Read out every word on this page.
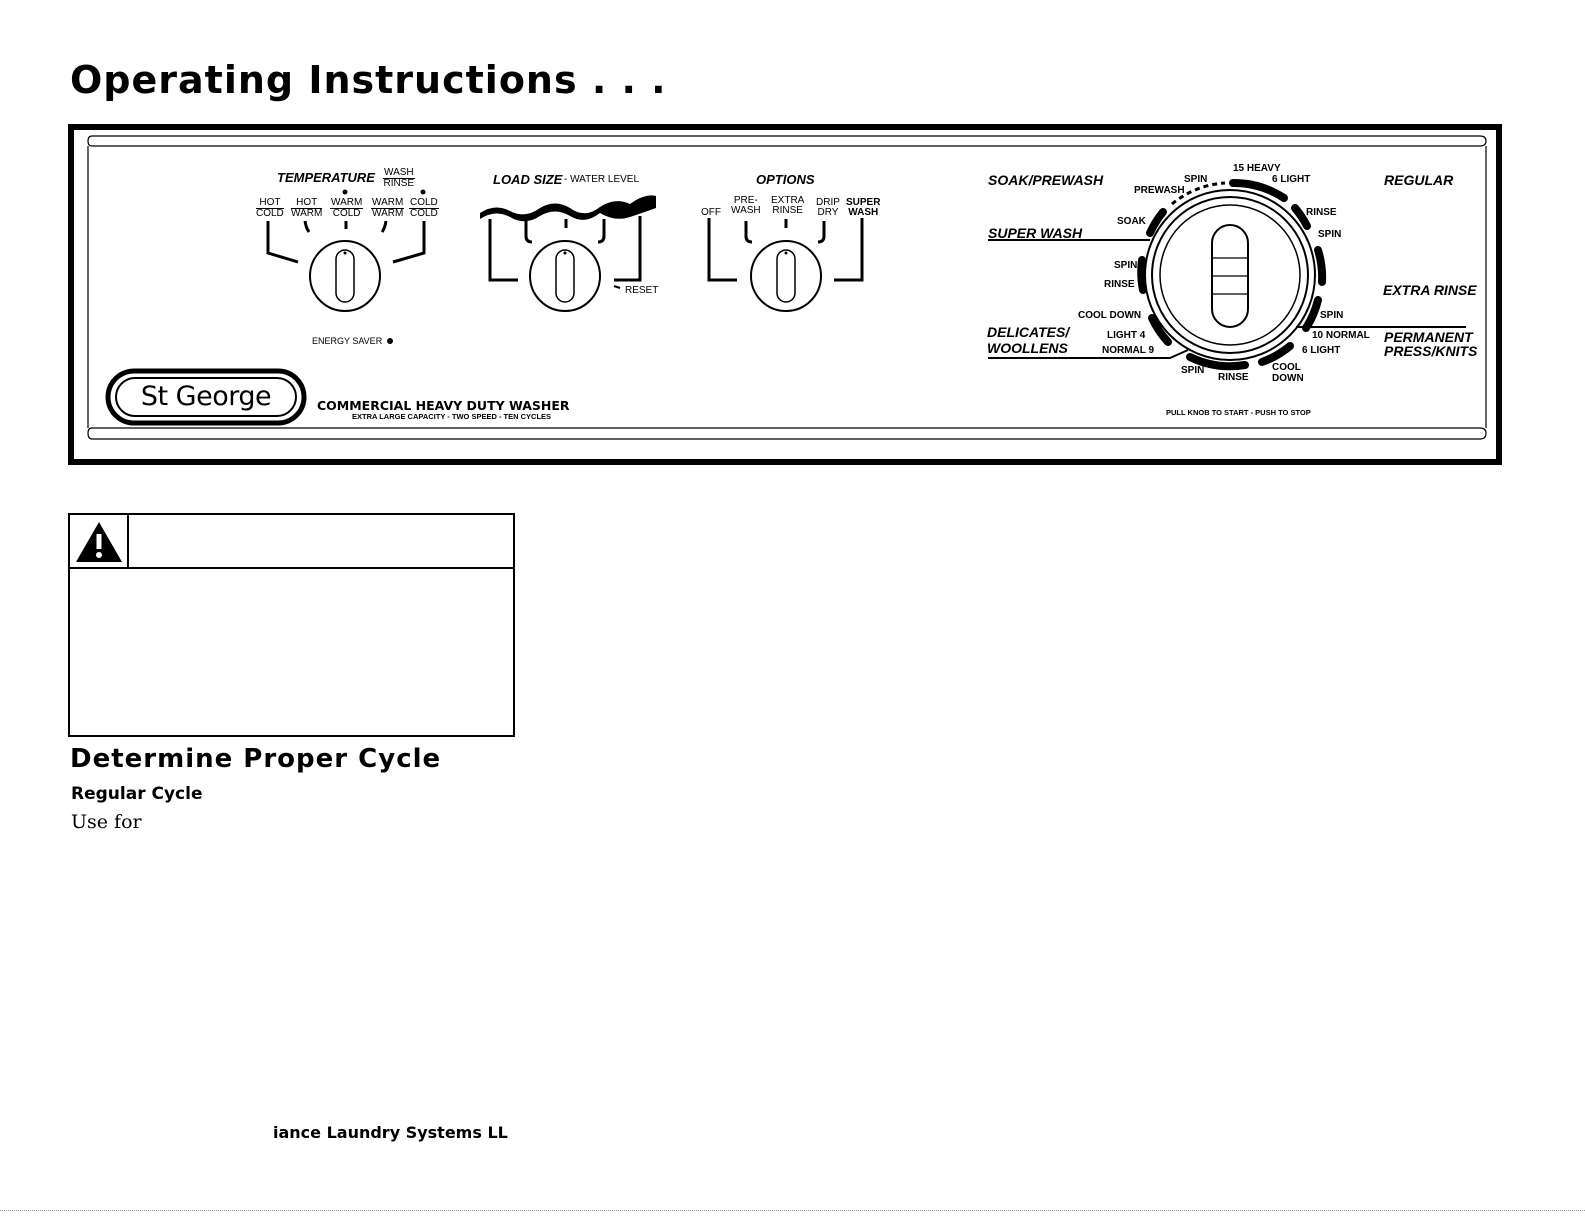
Operating Instructions . . .
TEMPERATURE WASH
RINSE
HOT
COLD
HOT
WARM
WARM
COLD
WARM
WARM
COLD
COLD
ENERGY SAVER
LOAD SIZE - WATER LEVEL
RESET
OPTIONS
OFF
PRE-
WASH
EXTRA
RINSE
DRIP
DRY
SUPER
WASH
St George	COMMERCIAL HEAVY DUTY WASHER
EXTRA LARGE CAPACITY - TWO SPEED - TEN CYCLES
SOAK/PREWASH
SUPER WASH
DELICATES/
WOOLLENS
REGULAR
EXTRA RINSE
PERMANENT
PRESS/KNITS
15 HEAVY
6 LIGHT
SPIN
PREWASH
SOAK
RINSE
SPIN
SPIN
RINSE
COOL DOWN
LIGHT 4
NORMAL 9
SPIN
10 NORMAL
6 LIGHT
SPIN
RINSE
COOL
DOWN
PULL KNOB TO START - PUSH TO STOP
Determine Proper Cycle
Regular Cycle
Use for
iance Laundry Systems LL
